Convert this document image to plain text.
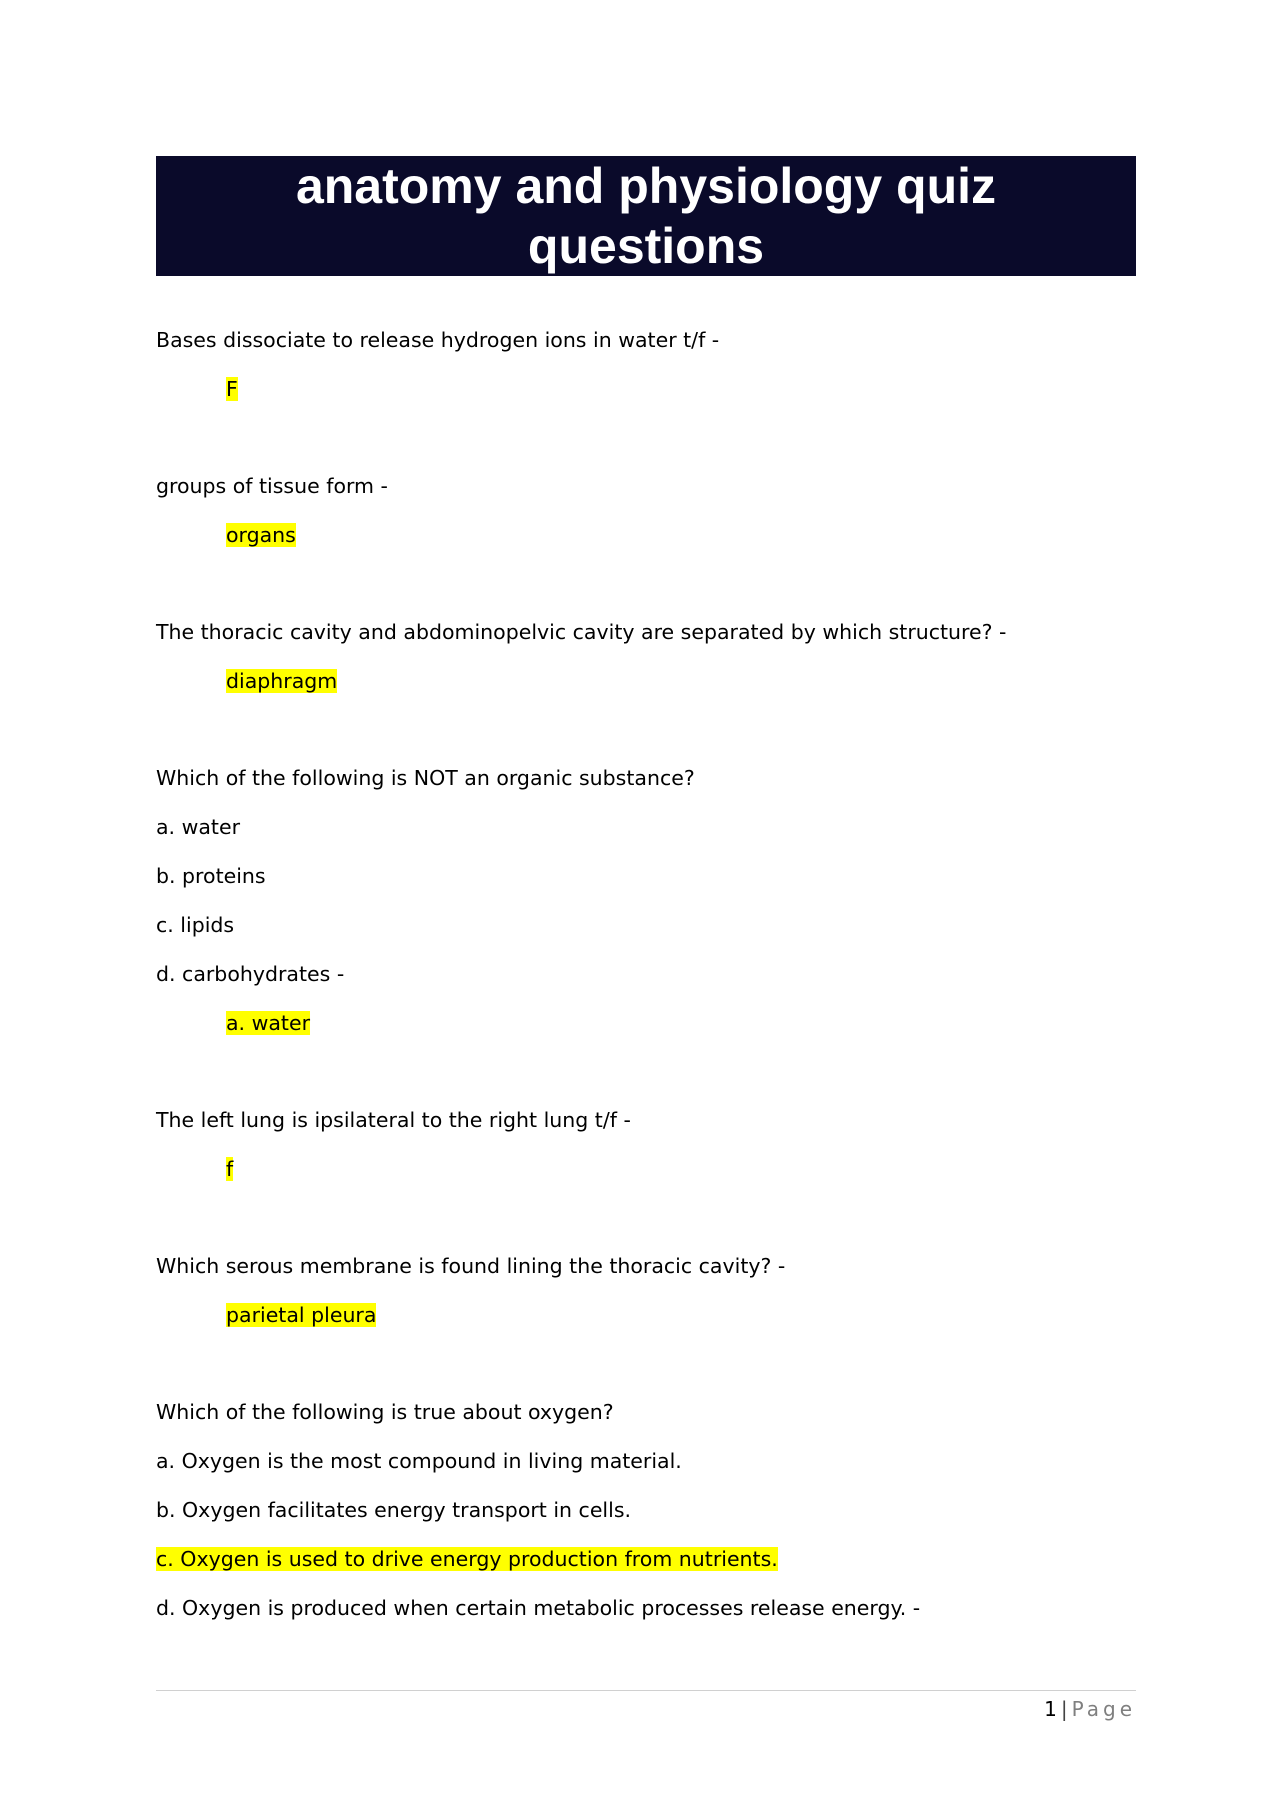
anatomy and physiology quiz
questions
Bases dissociate to release hydrogen ions in water t/f -
F
groups of tissue form -
organs
The thoracic cavity and abdominopelvic cavity are separated by which structure? -
diaphragm
Which of the following is NOT an organic substance?
a. water
b. proteins
c. lipids
d. carbohydrates -
a. water
The left lung is ipsilateral to the right lung t/f -
f
Which serous membrane is found lining the thoracic cavity? -
parietal pleura
Which of the following is true about oxygen?
a. Oxygen is the most compound in living material.
b. Oxygen facilitates energy transport in cells.
c. Oxygen is used to drive energy production from nutrients.
d. Oxygen is produced when certain metabolic processes release energy. -
1 | Page
